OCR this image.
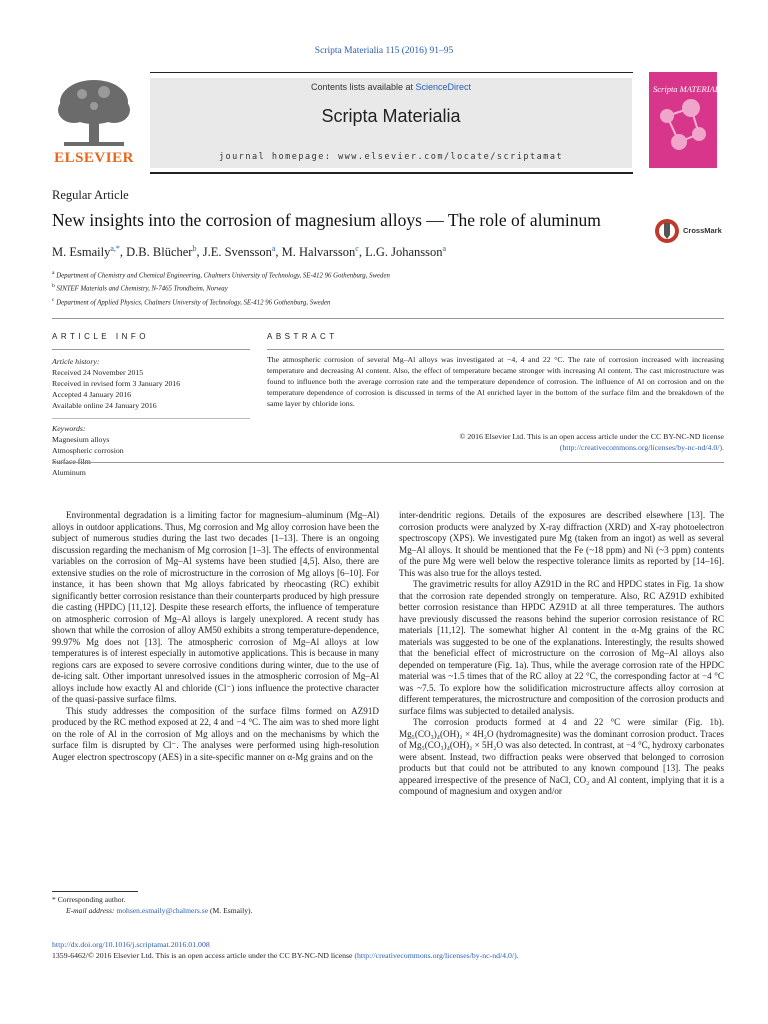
Scripta Materialia 115 (2016) 91–95
ELSEVIER
Contents lists available at ScienceDirect
Scripta Materialia
journal homepage: www.elsevier.com/locate/scriptamat
Scripta MATERIALIA
Regular Article
New insights into the corrosion of magnesium alloys — The role of aluminum
CrossMark
M. Esmaily$^{a,*}$, D.B. Blücher$^b$, J.E. Svensson$^a$, M. Halvarsson$^c$, L.G. Johansson$^a$

$^a$ Department of Chemistry and Chemical Engineering, Chalmers University of Technology, SE-412 96 Gothenburg, Sweden

$^b$ SINTEF Materials and Chemistry, N-7465 Trondheim, Norway

$^c$ Department of Applied Physics, Chalmers University of Technology, SE-412 96 Gothenburg, Sweden

ARTICLE INFO

Article history:

Received 24 November 2015

Received in revised form 3 January 2016

Accepted 4 January 2016

Available online 24 January 2016

Keywords:

Magnesium alloys

Atmospheric corrosion

Aluminum

ABSTRACT
The atmospheric corrosion of several Mg–Al alloys was investigated at −4, 4 and 22 °C. The rate of corrosion increased with increasing temperature and decreasing Al content. Also, the effect of temperature became stronger with increasing Al content. The cast microstructure was found to influence both the average corrosion rate and the temperature dependence of corrosion. The influence of Al on corrosion and on the temperature dependence of corrosion is discussed in terms of the Al enriched layer in the bottom of the surface film and the breakdown of the same layer by chloride ions.
© 2016 Elsevier Ltd. This is an open access article under the CC BY-NC-ND license
(http://creativecommons.org/licenses/by-nc-nd/4.0/).

Environmental degradation is a limiting factor for magnesium–aluminum (Mg–Al) alloys in outdoor applications. Thus, Mg corrosion and Mg alloy corrosion have been the subject of numerous studies during the last two decades [1–13]. There is an ongoing discussion regarding the mechanism of Mg corrosion [1–3]. The effects of environmental variables on the corrosion of Mg–Al systems have been studied [4,5]. Also, there are extensive studies on the role of microstructure in the corrosion of Mg alloys [6–10]. For instance, it has been shown that Mg alloys fabricated by rheocasting (RC) exhibit significantly better corrosion resistance than their counterparts produced by high pressure die casting (HPDC) [11,12]. Despite these research efforts, the influence of temperature on atmospheric corrosion of Mg–Al alloys is largely unexplored. A recent study has shown that while the corrosion of alloy AM50 exhibits a strong temperature-dependence, 99.97% Mg does not [13]. The atmospheric corrosion of Mg–Al alloys at low temperatures is of interest especially in automotive applications. This is because in many regions cars are exposed to severe corrosive conditions during winter, due to the use of de-icing salt. Other important unresolved issues in the atmospheric corrosion of Mg–Al alloys include how exactly Al and chloride (Cl⁻) ions influence the protective character of the quasi-passive surface films.

This study addresses the composition of the surface films formed on AZ91D produced by the RC method exposed at 22, 4 and −4 °C. The aim was to shed more light on the role of Al in the corrosion of Mg alloys and on the mechanisms by which the surface film is disrupted by Cl⁻. The analyses were performed using high-resolution Auger electron spectroscopy (AES) in a site-specific manner on α-Mg grains and on the

inter-dendritic regions. Details of the exposures are described elsewhere [13]. The corrosion products were analyzed by X-ray diffraction (XRD) and X-ray photoelectron spectroscopy (XPS). We investigated pure Mg (taken from an ingot) as well as several Mg–Al alloys. It should be mentioned that the Fe (~18 ppm) and Ni (~3 ppm) contents of the pure Mg were well below the respective tolerance limits as reported by [14–16]. This was also true for the alloys tested.

The gravimetric results for alloy AZ91D in the RC and HPDC states in Fig. 1a show that the corrosion rate depended strongly on temperature. Also, RC AZ91D exhibited better corrosion resistance than HPDC AZ91D at all three temperatures. The authors have previously discussed the reasons behind the superior corrosion resistance of RC materials [11,12]. The somewhat higher Al content in the α-Mg grains of the RC materials was suggested to be one of the explanations. Interestingly, the results showed that the beneficial effect of microstructure on the corrosion of Mg–Al alloys also depended on temperature (Fig. 1a). Thus, while the average corrosion rate of the HPDC material was ~1.5 times that of the RC alloy at 22 °C, the corresponding factor at −4 °C was ~7.5. To explore how the solidification microstructure affects alloy corrosion at different temperatures, the microstructure and composition of the corrosion products and surface films was subjected to detailed analysis.

The corrosion products formed at 4 and 22 °C were similar (Fig. 1b). Mg₅(CO₃)₄(OH)₂ × 4H₂O (hydromagnesite) was the dominant corrosion product. Traces of Mg₅(CO₃)₄(OH)₂ × 5H₂O was also detected. In contrast, at −4 °C, hydroxy carbonates were absent. Instead, two diffraction peaks were observed that belonged to corrosion products but that could not be attributed to any known compound [13]. The peaks appeared irrespective of the presence of NaCl, CO₂ and Al content, implying that it is a compound of magnesium and oxygen and/or

* Corresponding author.

E-mail address: mohsen.esmaily@chalmers.se (M. Esmaily).

http://dx.doi.org/10.1016/j.scriptamat.2016.01.008
1359-6462/© 2016 Elsevier Ltd. This is an open access article under the CC BY-NC-ND license (http://creativecommons.org/licenses/by-nc-nd/4.0/).
